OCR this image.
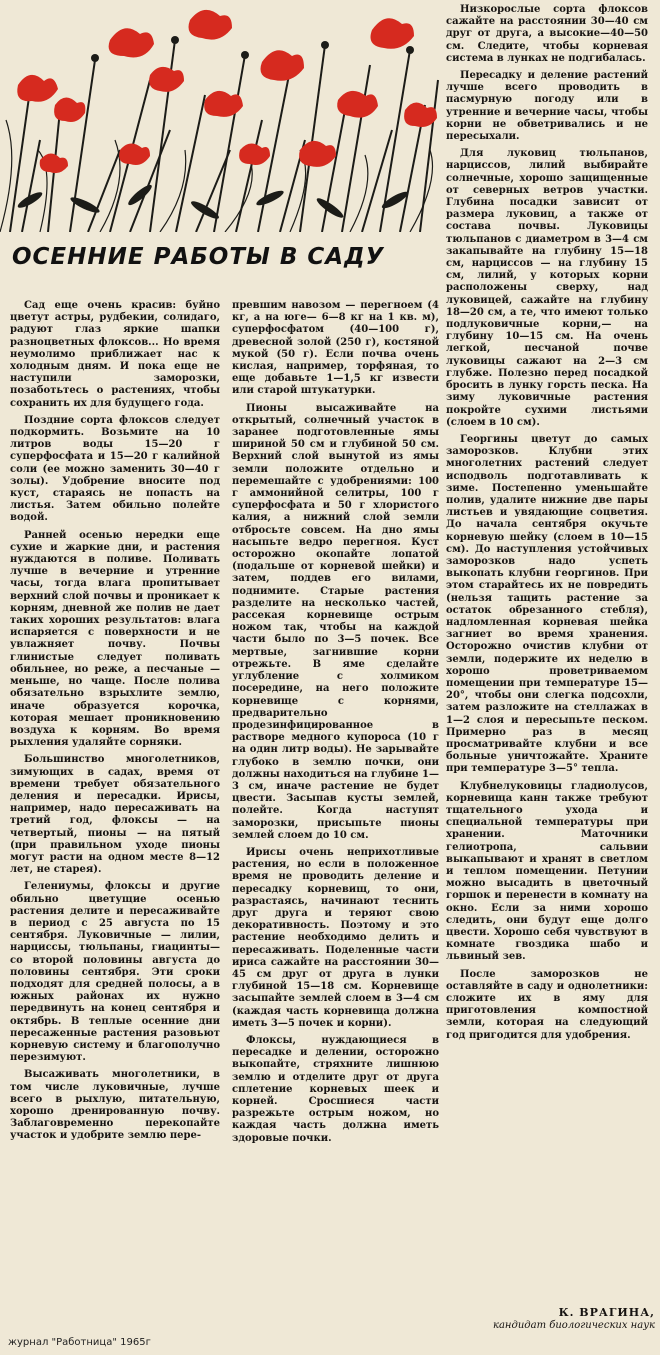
ОСЕННИЕ РАБОТЫ В САДУ

Сад еще очень красив: буйно цветут астры, рудбекии, солидаго, радуют глаз яркие шапки разноцветных флоксов... Но время неумолимо приближает нас к холодным дням. И пока еще не наступили заморозки, позаботьтесь о растениях, чтобы сохранить их для будущего года.

Поздние сорта флоксов следует подкормить. Возьмите на 10 литров воды 15—20 г суперфосфата и 15—20 г калийной соли (ее можно заменить 30—40 г золы). Удобрение вносите под куст, стараясь не попасть на листья. Затем обильно полейте водой.

Ранней осенью нередки еще сухие и жаркие дни, и растения нуждаются в поливе. Поливать лучше в вечерние и утренние часы, тогда влага пропитывает верхний слой почвы и проникает к корням, дневной же полив не дает таких хороших результатов: влага испаряется с поверхности и не увлажняет почву. Почвы глинистые следует поливать обильнее, но реже, а песчаные — меньше, но чаще. После полива обязательно взрыхлите землю, иначе образуется корочка, которая мешает проникновению воздуха к корням. Во время рыхления удаляйте сорняки.

Большинство многолетников, зимующих в садах, время от времени требует обязательного деления и пересадки. Ирисы, например, надо пересаживать на третий год, флоксы — на четвертый, пионы — на пятый (при правильном уходе пионы могут расти на одном месте 8—12 лет, не старея).

Гелениумы, флоксы и другие обильно цветущие осенью растения делите и пересаживайте в период с 25 августа по 15 сентября. Луковичные — лилии, нарциссы, тюльпаны, гиацинты—со второй половины августа до половины сентября. Эти сроки подходят для средней полосы, а в южных районах их нужно передвинуть на конец сентября и октябрь. В теплые осенние дни пересаженные растения разовьют корневую систему и благополучно перезимуют.

Высаживать многолетники, в том числе луковичные, лучше всего в рыхлую, питательную, хорошо дренированную почву. Заблаговременно перекопайте участок и удобрите землю пере-

превшим навозом — перегноем (4 кг, а на юге— 6—8 кг на 1 кв. м), суперфосфатом (40—100 г), древесной золой (250 г), костяной мукой (50 г). Если почва очень кислая, например, торфяная, то еще добавьте 1—1,5 кг извести или старой штукатурки.

Пионы высаживайте на открытый, солнечный участок в заранее подготовленные ямы шириной 50 см и глубиной 50 см. Верхний слой вынутой из ямы земли положите отдельно и перемешайте с удобрениями: 100 г аммонийной селитры, 100 г суперфосфата и 50 г хлористого калия, а нижний слой земли отбросьте совсем. На дно ямы насыпьте ведро перегноя. Куст осторожно окопайте лопатой (подальше от корневой шейки) и затем, поддев его вилами, поднимите. Старые растения разделите на несколько частей, рассекая корневище острым ножом так, чтобы на каждой части было по 3—5 почек. Все мертвые, загнившие корни отрежьте. В яме сделайте углубление с холмиком посередине, на него положите корневище с корнями, предварительно продезинфицированное в растворе медного купороса (10 г на один литр воды). Не зарывайте глубоко в землю почки, они должны находиться на глубине 1—3 см, иначе растение не будет цвести. Засыпав кусты землей, полейте. Когда наступят заморозки, присыпьте пионы землей слоем до 10 см.

Ирисы очень неприхотливые растения, но если в положенное время не проводить деление и пересадку корневищ, то они, разрастаясь, начинают теснить друг друга и теряют свою декоративность. Поэтому и это растение необходимо делить и пересаживать. Поделенные части ириса сажайте на расстоянии 30—45 см друг от друга в лунки глубиной 15—18 см. Корневище засыпайте землей слоем в 3—4 см (каждая часть корневища должна иметь 3—5 почек и корни).

Флоксы, нуждающиеся в пересадке и делении, осторожно выкопайте, стряхните лишнюю землю и отделите друг от друга сплетение корневых шеек и корней. Сросшиеся части разрежьте острым ножом, но каждая часть должна иметь здоровые почки.

Низкорослые сорта флоксов сажайте на расстоянии 30—40 см друг от друга, а высокие—40—50 см. Следите, чтобы корневая система в лунках не подгибалась.

Пересадку и деление растений лучше всего проводить в пасмурную погоду или в утренние и вечерние часы, чтобы корни не обветривались и не пересыхали.

Для луковиц тюльпанов, нарциссов, лилий выбирайте солнечные, хорошо защищенные от северных ветров участки. Глубина посадки зависит от размера луковиц, а также от состава почвы. Луковицы тюльпанов с диаметром в 3—4 см закапывайте на глубину 15—18 см, нарциссов — на глубину 15 см, лилий, у которых корни расположены сверху, над луковицей, сажайте на глубину 18—20 см, а те, что имеют только подлуковичные корни,— на глубину 10—15 см. На очень легкой, песчаной почве луковицы сажают на 2—3 см глубже. Полезно перед посадкой бросить в лунку горсть песка. На зиму луковичные растения покройте сухими листьями (слоем в 10 см).

Георгины цветут до самых заморозков. Клубни этих многолетних растений следует исподволь подготавливать к зиме. Постепенно уменьшайте полив, удалите нижние две пары листьев и увядающие соцветия. До начала сентября окучьте корневую шейку (слоем в 10—15 см). До наступления устойчивых заморозков надо успеть выкопать клубни георгинов. При этом старайтесь их не повредить (нельзя тащить растение за остаток обрезанного стебля), надломленная корневая шейка загниет во время хранения. Осторожно очистив клубни от земли, подержите их неделю в хорошо проветриваемом помещении при температуре 15—20°, чтобы они слегка подсохли, затем разложите на стеллажах в 1—2 слоя и пересыпьте песком. Примерно раз в месяц просматривайте клубни и все больные уничтожайте. Храните при температуре 3—5° тепла.

Клубнелуковицы гладиолусов, корневища канн также требуют тщательного ухода и специальной температуры при хранении. Маточники гелиотропа, сальвии выкапывают и хранят в светлом и теплом помещении. Петунии можно высадить в цветочный горшок и перенести в комнату на окно. Если за ними хорошо следить, они будут еще долго цвести. Хорошо себя чувствуют в комнате гвоздика шабо и львиный зев.

После заморозков не оставляйте в саду и однолетники: сложите их в яму для приготовления компостной земли, которая на следующий год пригодится для удобрения.

К. ВРАГИНА,
кандидат биологических наук
журнал "Работница" 1965г
